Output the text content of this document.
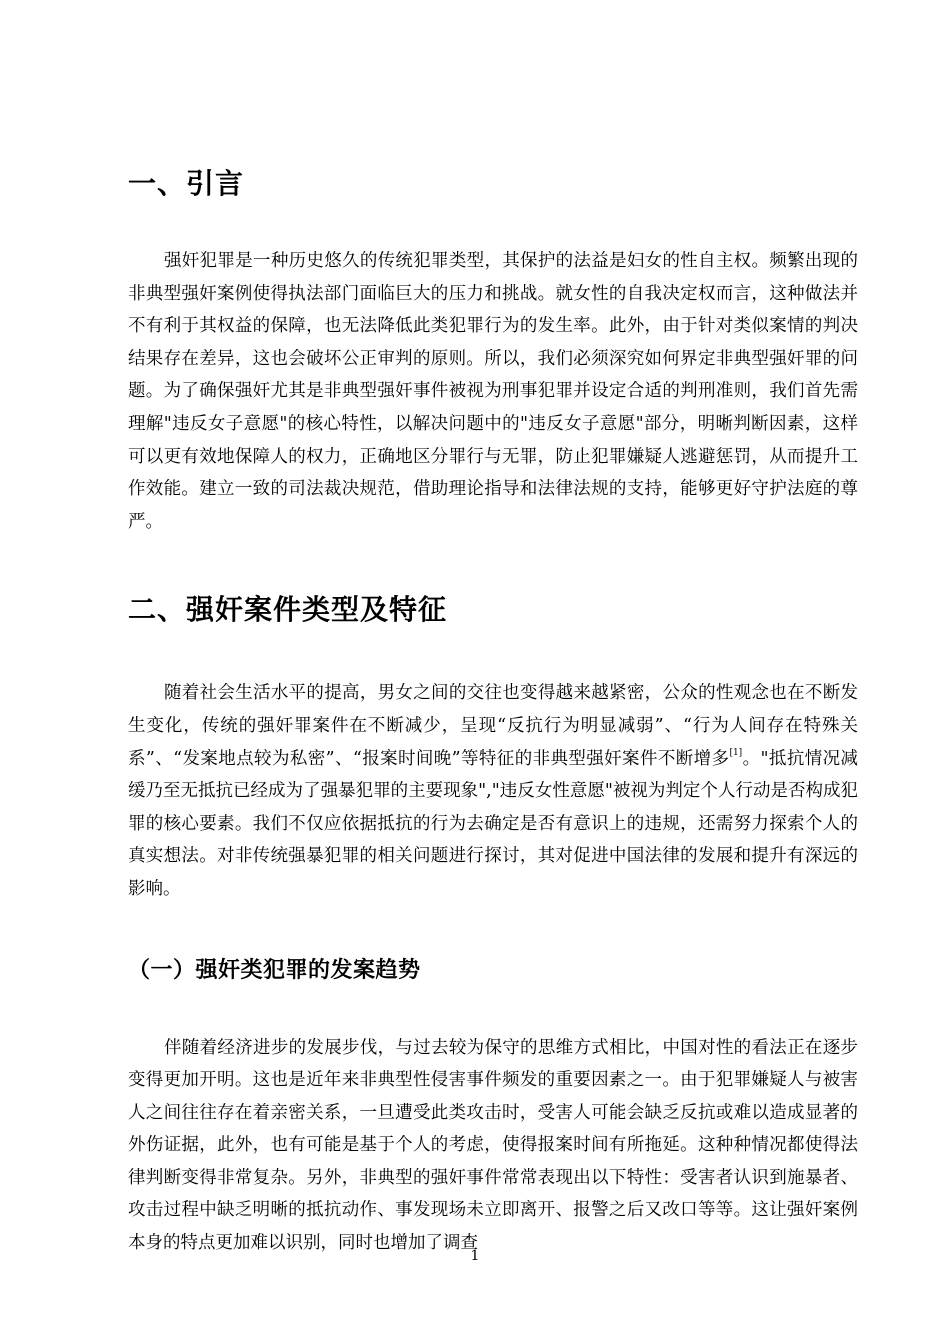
一、引言

强奸犯罪是一种历史悠久的传统犯罪类型，其保护的法益是妇女的性自主权。频繁出现的非典型强奸案例使得执法部门面临巨大的压力和挑战。就女性的自我决定权而言，这种做法并不有利于其权益的保障，也无法降低此类犯罪行为的发生率。此外，由于针对类似案情的判决结果存在差异，这也会破坏公正审判的原则。所以，我们必须深究如何界定非典型强奸罪的问题。为了确保强奸尤其是非典型强奸事件被视为刑事犯罪并设定合适的判刑准则，我们首先需理解"违反女子意愿"的核心特性，以解决问题中的"违反女子意愿"部分，明晰判断因素，这样可以更有效地保障人的权力，正确地区分罪行与无罪，防止犯罪嫌疑人逃避惩罚，从而提升工作效能。建立一致的司法裁决规范，借助理论指导和法律法规的支持，能够更好守护法庭的尊严。

二、强奸案件类型及特征

随着社会生活水平的提高，男女之间的交往也变得越来越紧密，公众的性观念也在不断发生变化，传统的强奸罪案件在不断减少，呈现“反抗行为明显减弱”、“行为人间存在特殊关系”、“发案地点较为私密”、“报案时间晚”等特征的非典型强奸案件不断增多[1]。"抵抗情况减缓乃至无抵抗已经成为了强暴犯罪的主要现象","违反女性意愿"被视为判定个人行动是否构成犯罪的核心要素。我们不仅应依据抵抗的行为去确定是否有意识上的违规，还需努力探索个人的真实想法。对非传统强暴犯罪的相关问题进行探讨，其对促进中国法律的发展和提升有深远的影响。

（一）强奸类犯罪的发案趋势

伴随着经济进步的发展步伐，与过去较为保守的思维方式相比，中国对性的看法正在逐步变得更加开明。这也是近年来非典型性侵害事件频发的重要因素之一。由于犯罪嫌疑人与被害人之间往往存在着亲密关系，一旦遭受此类攻击时，受害人可能会缺乏反抗或难以造成显著的外伤证据，此外，也有可能是基于个人的考虑，使得报案时间有所拖延。这种种情况都使得法律判断变得非常复杂。另外，非典型的强奸事件常常表现出以下特性：受害者认识到施暴者、攻击过程中缺乏明晰的抵抗动作、事发现场未立即离开、报警之后又改口等等。这让强奸案例本身的特点更加难以识别，同时也增加了调查

1
